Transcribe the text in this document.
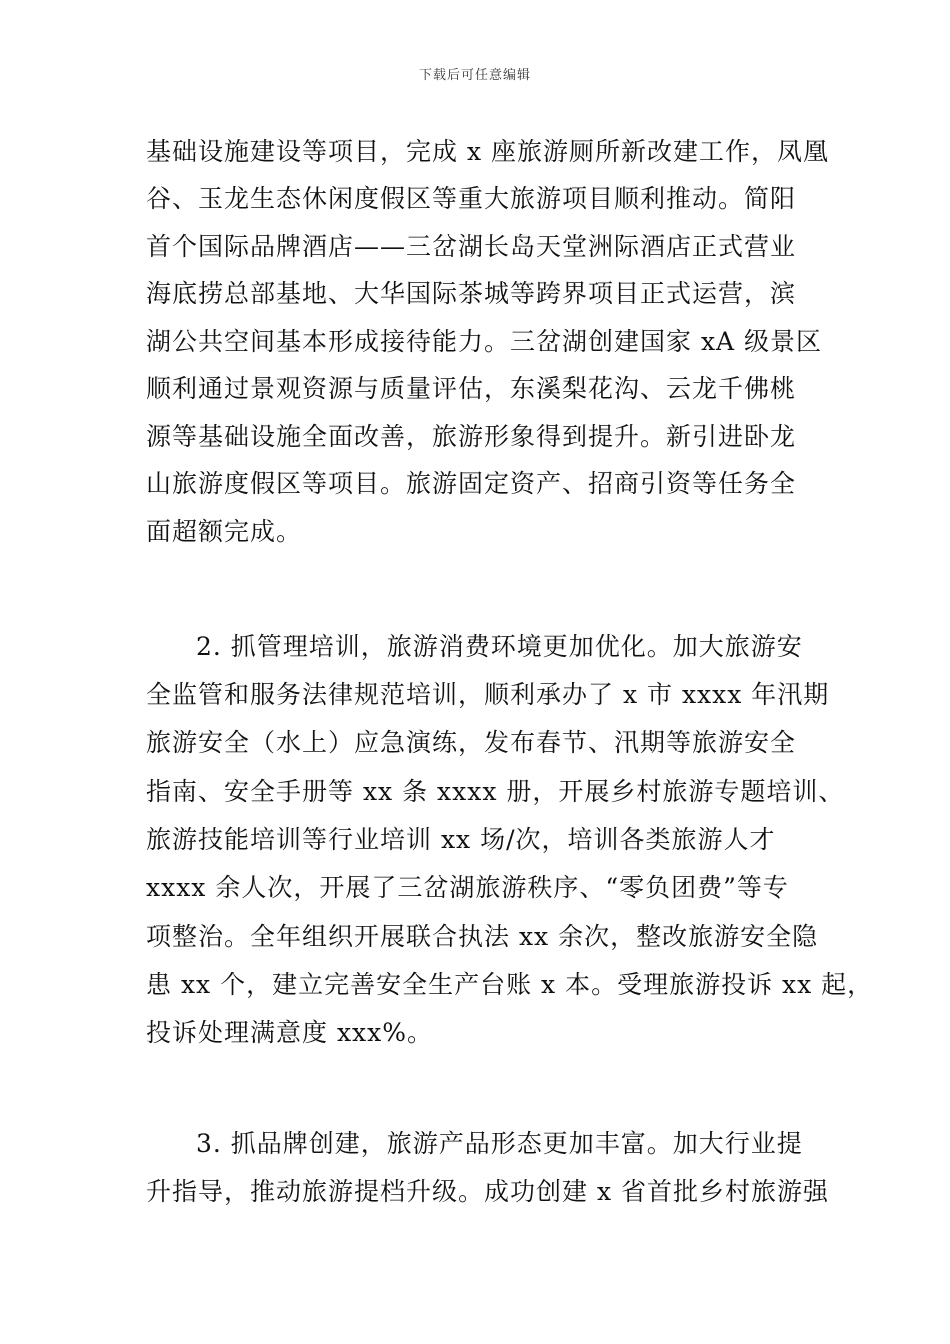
下载后可任意编辑
基础设施建设等项目，完成 x 座旅游厕所新改建工作，凤凰
谷、玉龙生态休闲度假区等重大旅游项目顺利推动。简阳
首个国际品牌酒店——三岔湖长岛天堂洲际酒店正式营业
海底捞总部基地、大华国际茶城等跨界项目正式运营，滨
湖公共空间基本形成接待能力。三岔湖创建国家 xA 级景区
顺利通过景观资源与质量评估，东溪梨花沟、云龙千佛桃
源等基础设施全面改善，旅游形象得到提升。新引进卧龙
山旅游度假区等项目。旅游固定资产、招商引资等任务全
面超额完成。
2. 抓管理培训，旅游消费环境更加优化。加大旅游安
全监管和服务法律规范培训，顺利承办了 x 市 xxxx 年汛期
旅游安全（水上）应急演练，发布春节、汛期等旅游安全
指南、安全手册等 xx 条 xxxx 册，开展乡村旅游专题培训、
旅游技能培训等行业培训 xx 场/次，培训各类旅游人才
xxxx 余人次，开展了三岔湖旅游秩序、“零负团费”等专
项整治。全年组织开展联合执法 xx 余次，整改旅游安全隐
患 xx 个，建立完善安全生产台账 x 本。受理旅游投诉 xx 起，
投诉处理满意度 xxx%。
3. 抓品牌创建，旅游产品形态更加丰富。加大行业提
升指导，推动旅游提档升级。成功创建 x 省首批乡村旅游强
